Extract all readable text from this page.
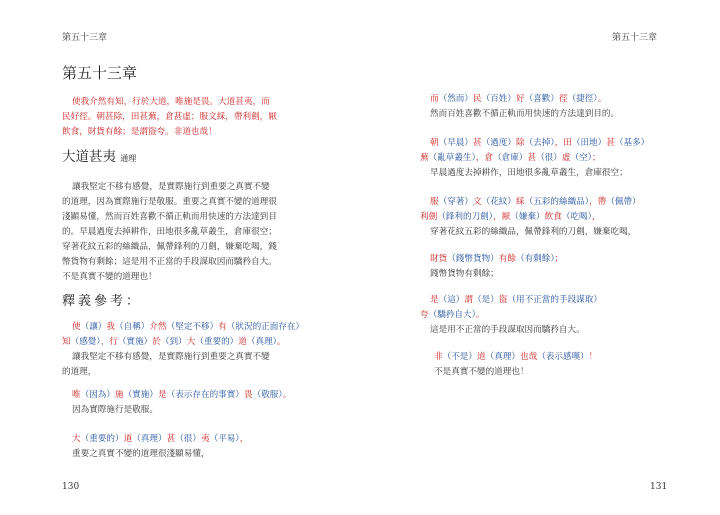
第五十三章
第五十三章
使我介然有知，行於大道，唯施是畏。大道甚夷，而
民好徑。朝甚除，田甚蕪，倉甚虛；服文綵，帶利劍，厭
飲食，財貨有餘；是謂盜夸。非道也哉！
大道甚夷 通理
讓我堅定不移有感覺，是實際施行到重要之真實不變
的道理，因為實際施行是敬服。重要之真實不變的道理很
淺顯易懂，然而百姓喜歡不循正軌而用快速的方法達到目
的。早晨過度去掉耕作，田地很多亂草叢生，倉庫很空；
穿著花紋五彩的絲織品，佩帶鋒利的刀劍，嫌棄吃喝，錢
幣貨物有剩餘；這是用不正當的手段謀取因而驕矜自大。
不是真實不變的道理也！
釋義參考：
使（讓）我（自稱）介然（堅定不移）有（狀況的正面存在）
知（感覺），行（實施）於（到）大（重要的）道（真理）。
讓我堅定不移有感覺，是實際施行到重要之真實不變
的道理，
唯（因為）施（實施）是（表示存在的事實）畏（敬服）。
因為實際施行是敬服。
大（重要的）道（真理）甚（很）夷（平易），
重要之真實不變的道理很淺顯易懂，
130
第五十三章
而（然而）民（百姓）好（喜歡）徑（捷徑）。
然而百姓喜歡不循正軌而用快速的方法達到目的。
朝（早晨）甚（過度）除（去掉），田（田地）甚（基多）
蕪（亂草叢生），倉（倉庫）甚（很）虛（空）；
早晨過度去掉耕作，田地很多亂草叢生，倉庫很空；
服（穿著）文（花紋）綵（五彩的絲織品），帶（佩帶）
利劍（鋒利的刀劍），厭（嫌棄）飲食（吃喝），
穿著花紋五彩的絲織品，佩帶鋒利的刀劍，嫌棄吃喝，
財貨（錢幣貨物）有餘（有剩餘）；
錢幣貨物有剩餘；
是（這）謂（是）盜（用不正當的手段謀取）
夸（驕矜自大）。
這是用不正當的手段謀取因而驕矜自大。
非（不是）道（真理）也哉（表示感嘆）！
不是真實不變的道理也！
131
